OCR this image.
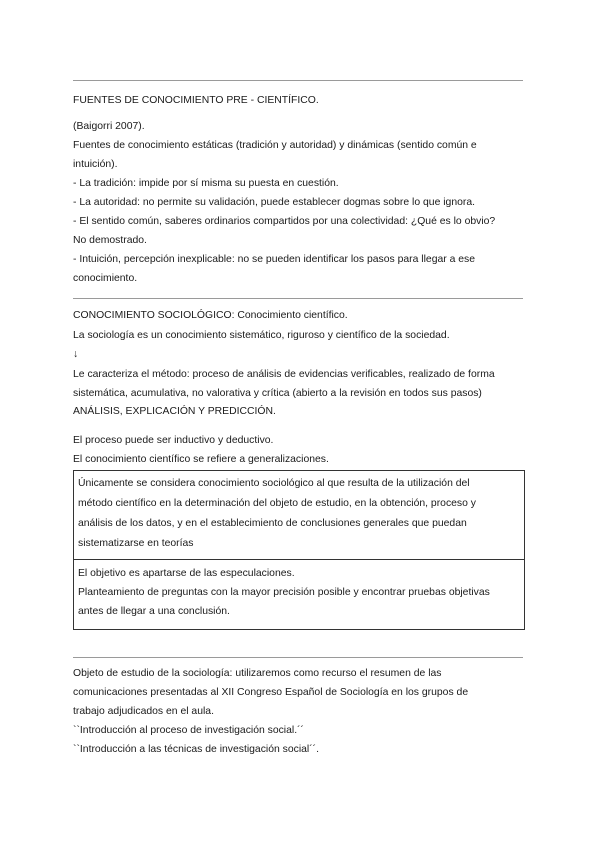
FUENTES DE CONOCIMIENTO PRE - CIENTÍFICO.
(Baigorri 2007).
Fuentes de conocimiento estáticas (tradición y autoridad) y dinámicas (sentido común e
intuición).
- La tradición: impide por sí misma su puesta en cuestión.
- La autoridad: no permite su validación, puede establecer dogmas sobre lo que ignora.
- El sentido común, saberes ordinarios compartidos por una colectividad: ¿Qué es lo obvio?
No demostrado.
- Intuición, percepción inexplicable: no se pueden identificar los pasos para llegar a ese
conocimiento.
CONOCIMIENTO SOCIOLÓGICO: Conocimiento científico.
La sociología es un conocimiento sistemático, riguroso y científico de la sociedad.
↓
Le caracteriza el método: proceso de análisis de evidencias verificables, realizado de forma
sistemática, acumulativa, no valorativa y crítica (abierto a la revisión en todos sus pasos)
ANÁLISIS, EXPLICACIÓN Y PREDICCIÓN.
El proceso puede ser inductivo y deductivo.
El conocimiento científico se refiere a generalizaciones.
Únicamente se considera conocimiento sociológico al que resulta de la utilización del
método científico en la determinación del objeto de estudio, en la obtención, proceso y
análisis de los datos, y en el establecimiento de conclusiones generales que puedan
sistematizarse en teorías
El objetivo es apartarse de las especulaciones.
Planteamiento de preguntas con la mayor precisión posible y encontrar pruebas objetivas
antes de llegar a una conclusión.
Objeto de estudio de la sociología: utilizaremos como recurso el resumen de las
comunicaciones presentadas al XII Congreso Español de Sociología en los grupos de
trabajo adjudicados en el aula.
``Introducción al proceso de investigación social.´´
``Introducción a las técnicas de investigación social´´.
